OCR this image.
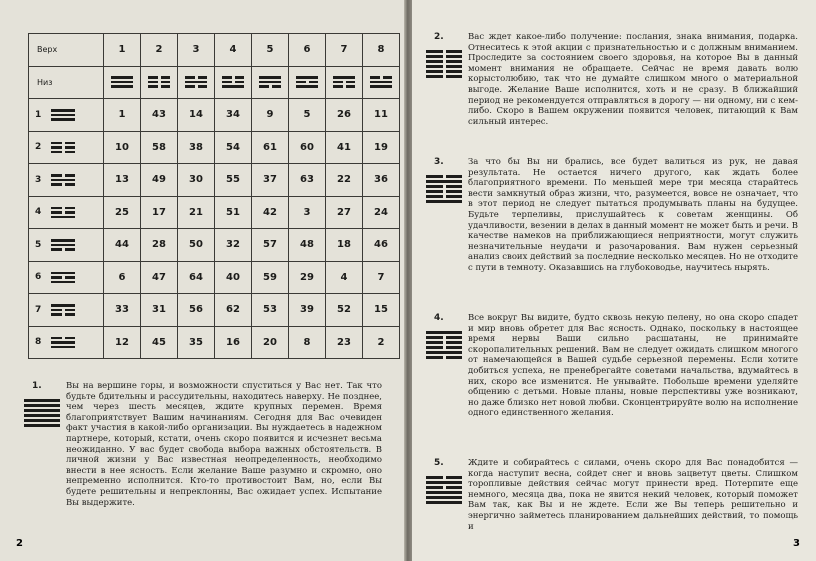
Верх	1	2	3	4	5	6	7	8
Низ	

1	1	43	14	34	9	5	26	11

2	10	58	38	54	61	60	41	19

3	13	49	30	55	37	63	22	36

4	25	17	21	51	42	3	27	24

5	44	28	50	32	57	48	18	46

6	6	47	64	40	59	29	4	7

7	33	31	56	62	53	39	52	15

8	12	45	35	16	20	8	23	2
1.	Вы на вершине горы, и возможности спуститься у Вас нет. Так что будьте бдительны и рассудительны, находитесь наверху. Не позднее, чем через шесть месяцев, ждите крупных перемен. Время благоприятствует Вашим начинаниям. Сегодня для Вас очевиден факт участия в какой-либо организации. Вы нуждаетесь в надежном партнере, который, кстати, очень скоро появится и исчезнет весьма неожиданно. У вас будет свобода выбора важных обстоятельств. В личной жизни у Вас известная неопределенность, необходимо внести в нее ясность. Если желание Ваше разумно и скромно, оно непременно исполнится. Кто-то противостоит Вам, но, если Вы будете решительны и непреклонны, Вас ожидает успех. Испытание Вы выдержите.
2
2.	Вас ждет какое-либо получение: послания, знака внимания, подарка. Отнеситесь к этой акции с признательностью и с должным вниманием. Проследите за состоянием своего здоровья, на которое Вы в данный момент внимания не обращаете. Сейчас не время давать волю корыстолюбию, так что не думайте слишком много о материальной выгоде. Желание Ваше исполнится, хоть и не сразу. В ближайший период не рекомендуется отправляться в дорогу — ни одному, ни с кем-либо. Скоро в Вашем окружении появится человек, питающий к Вам сильный интерес.
3.	За что бы Вы ни брались, все будет валиться из рук, не давая результата. Не остается ничего другого, как ждать более благоприятного времени. По меньшей мере три месяца старайтесь вести замкнутый образ жизни, что, разумеется, вовсе не означает, что в этот период не следует пытаться продумывать планы на будущее. Будьте терпеливы, прислушайтесь к советам женщины. Об удачливости, везении в делах в данный момент не может быть и речи. В качестве намеков на приближающиеся неприятности, могут служить незначительные неудачи и разочарования. Вам нужен серьезный анализ своих действий за последние несколько месяцев. Но не отходите с пути в темноту. Оказавшись на глубоководье, научитесь нырять.
4.	Все вокруг Вы видите, будто сквозь некую пелену, но она скоро спадет и мир вновь обретет для Вас ясность. Однако, поскольку в настоящее время нервы Ваши сильно расшатаны, не принимайте скоропалительных решений. Вам не следует ожидать слишком многого от намечающейся в Вашей судьбе серьезной перемены. Если хотите добиться успеха, не пренебрегайте советами начальства, вдумайтесь в них, скоро все изменится. Не унывайте. Побольше времени уделяйте общению с детьми. Новые планы, новые перспективы уже возникают, но даже близко нет новой любви. Сконцентрируйте волю на исполнение одного единственного желания.
5.	Ждите и собирайтесь с силами, очень скоро для Вас понадобится — когда наступит весна, сойдет снег и вновь зацветут цветы. Слишком торопливые действия сейчас могут принести вред. Потерпите еще немного, месяца два, пока не явится некий человек, который поможет Вам так, как Вы и не ждете. Если же Вы теперь решительно и энергично займетесь планированием дальнейших действий, то помощь и
3
